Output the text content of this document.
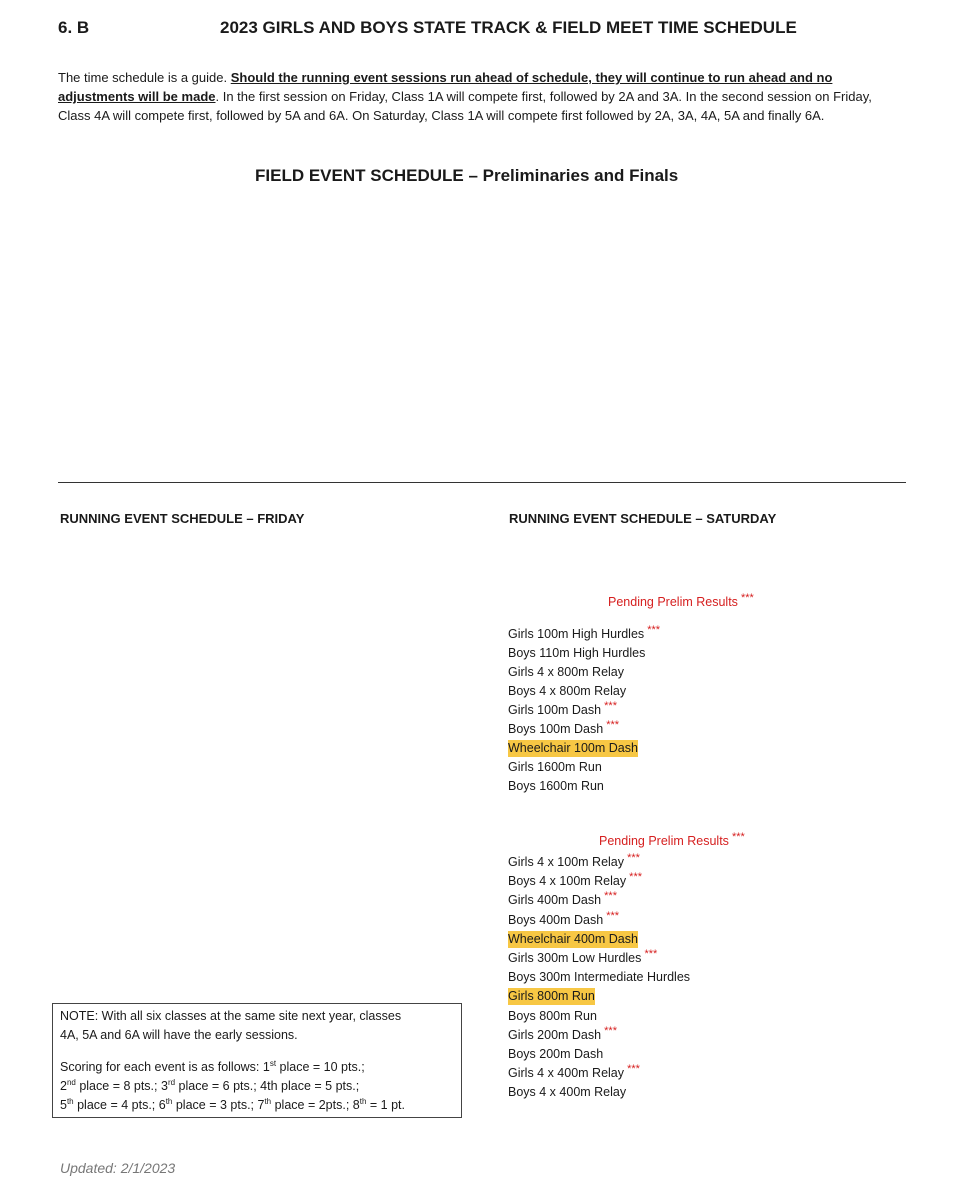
6. B	2023 GIRLS AND BOYS STATE TRACK & FIELD MEET TIME SCHEDULE
The time schedule is a guide. Should the running event sessions run ahead of schedule, they will continue to run ahead and no adjustments will be made. In the first session on Friday, Class 1A will compete first, followed by 2A and 3A. In the second session on Friday, Class 4A will compete first, followed by 5A and 6A. On Saturday, Class 1A will compete first followed by 2A, 3A, 4A, 5A and finally 6A.
FIELD EVENT SCHEDULE – Preliminaries and Finals
RUNNING EVENT SCHEDULE – FRIDAY
NOTE: With all six classes at the same site next year, classes
4A, 5A and 6A will have the early sessions.
Scoring for each event is as follows: 1st place = 10 pts.;
2nd place = 8 pts.; 3rd place = 6 pts.; 4th place = 5 pts.;
5th place = 4 pts.; 6th place = 3 pts.; 7th place = 2pts.; 8th = 1 pt.
Updated: 2/1/2023
RUNNING EVENT SCHEDULE – SATURDAY
Pending Prelim Results ***
Girls 100m High Hurdles ***
Boys 110m High Hurdles
Girls 4 x 800m Relay
Boys 4 x 800m Relay
Girls 100m Dash ***
Boys 100m Dash ***
Wheelchair 100m Dash
Girls 1600m Run
Boys 1600m Run
Pending Prelim Results ***
Girls 4 x 100m Relay ***
Boys 4 x 100m Relay ***
Girls 400m Dash ***
Boys 400m Dash ***
Wheelchair 400m Dash
Girls 300m Low Hurdles ***
Boys 300m Intermediate Hurdles
Girls 800m Run
Boys 800m Run
Girls 200m Dash ***
Boys 200m Dash
Girls 4 x 400m Relay ***
Boys 4 x 400m Relay
